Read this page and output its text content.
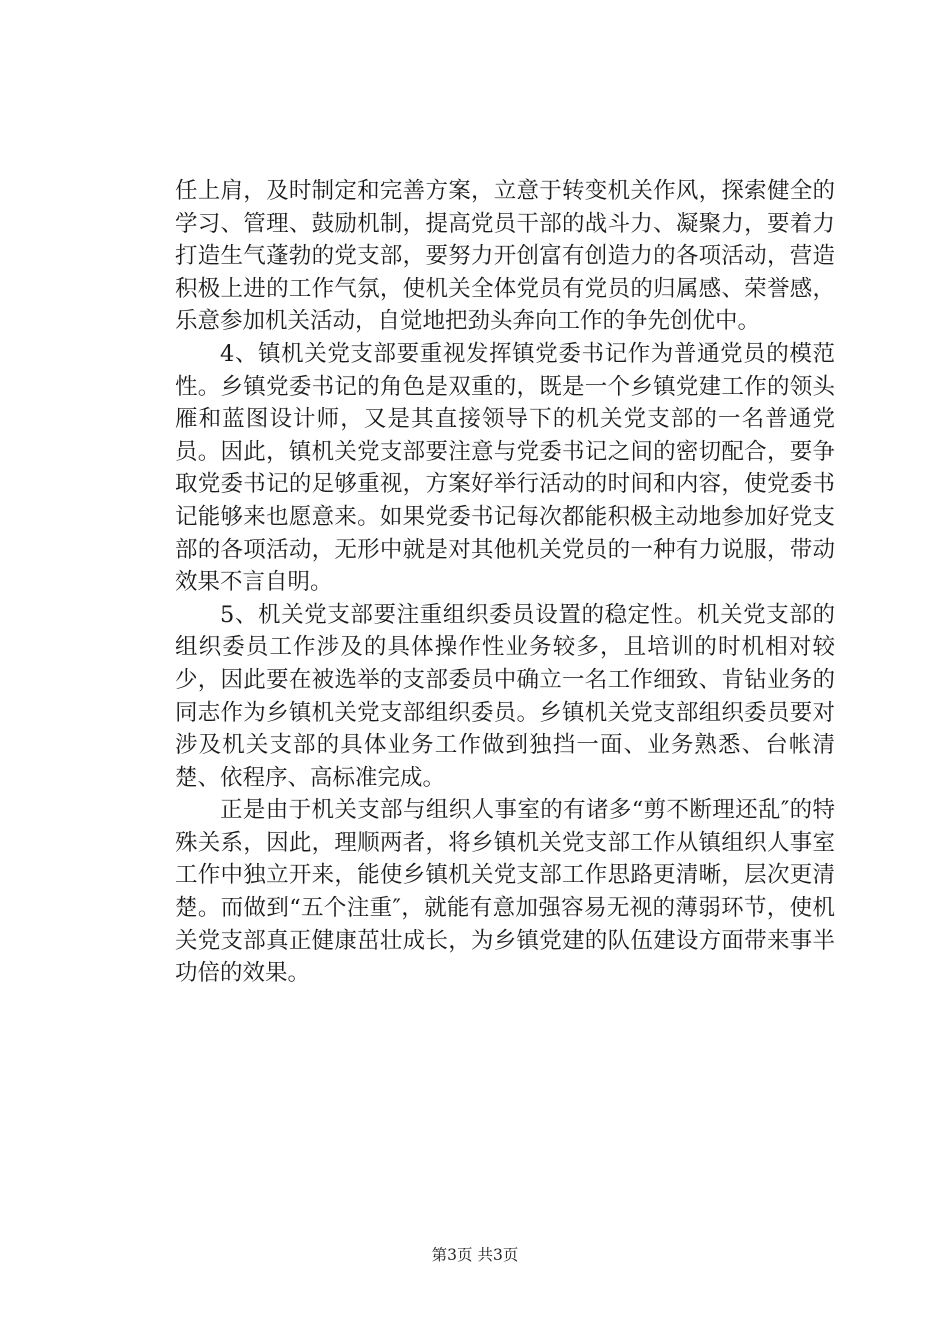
任上肩，及时制定和完善方案，立意于转变机关作风，探索健全的学习、管理、鼓励机制，提高党员干部的战斗力、凝聚力，要着力打造生气蓬勃的党支部，要努力开创富有创造力的各项活动，营造积极上进的工作气氛，使机关全体党员有党员的归属感、荣誉感，乐意参加机关活动，自觉地把劲头奔向工作的争先创优中。

4、镇机关党支部要重视发挥镇党委书记作为普通党员的模范性。乡镇党委书记的角色是双重的，既是一个乡镇党建工作的领头雁和蓝图设计师，又是其直接领导下的机关党支部的一名普通党员。因此，镇机关党支部要注意与党委书记之间的密切配合，要争取党委书记的足够重视，方案好举行活动的时间和内容，使党委书记能够来也愿意来。如果党委书记每次都能积极主动地参加好党支部的各项活动，无形中就是对其他机关党员的一种有力说服，带动效果不言自明。

5、机关党支部要注重组织委员设置的稳定性。机关党支部的组织委员工作涉及的具体操作性业务较多，且培训的时机相对较少，因此要在被选举的支部委员中确立一名工作细致、肯钻业务的同志作为乡镇机关党支部组织委员。乡镇机关党支部组织委员要对涉及机关支部的具体业务工作做到独挡一面、业务熟悉、台帐清楚、依程序、高标准完成。

正是由于机关支部与组织人事室的有诸多“剪不断理还乱″的特殊关系，因此，理顺两者，将乡镇机关党支部工作从镇组织人事室工作中独立开来，能使乡镇机关党支部工作思路更清晰，层次更清楚。而做到“五个注重″，就能有意加强容易无视的薄弱环节，使机关党支部真正健康茁壮成长，为乡镇党建的队伍建设方面带来事半功倍的效果。

第3页 共3页
